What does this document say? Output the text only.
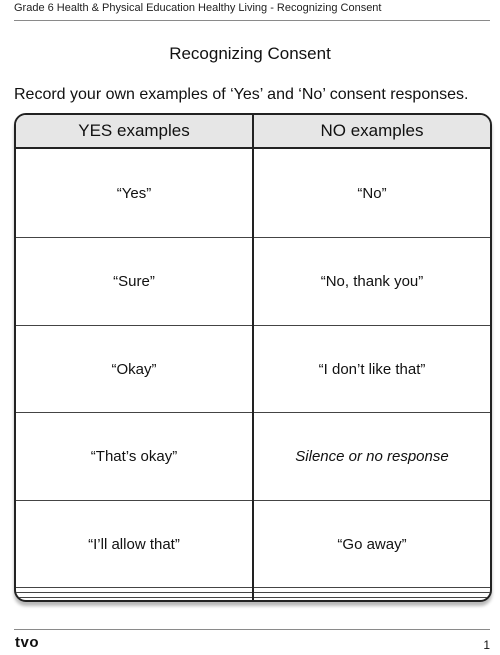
Grade 6 Health & Physical Education Healthy Living - Recognizing Consent
Recognizing Consent
Record your own examples of ‘Yes’ and ‘No’ consent responses.
YES examples	NO examples
“Yes”	“No”
“Sure”	“No, thank you”
“Okay”	“I don’t like that”
“That’s okay”	Silence or no response
“I’ll allow that”	“Go away”

tvo	1
